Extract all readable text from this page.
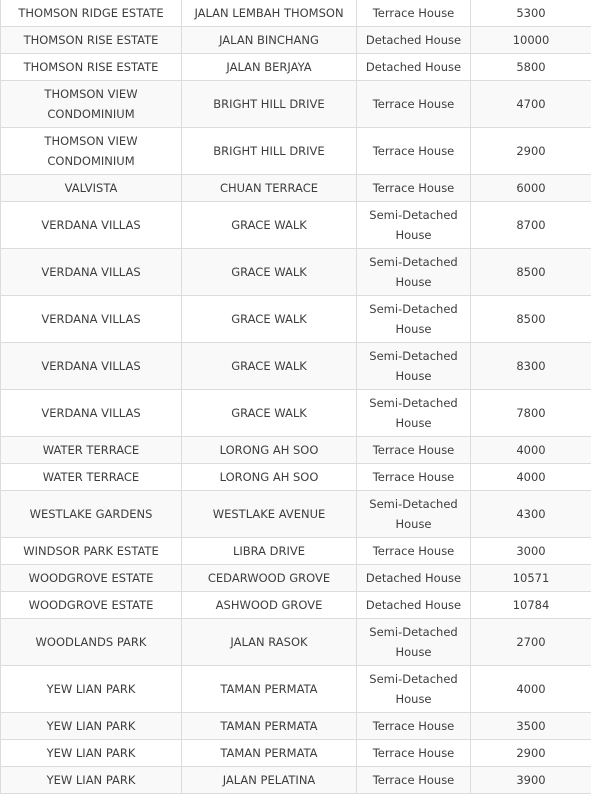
THOMSON RIDGE ESTATE	JALAN LEMBAH THOMSON	Terrace House	5300
THOMSON RISE ESTATE	JALAN BINCHANG	Detached House	10000
THOMSON RISE ESTATE	JALAN BERJAYA	Detached House	5800
THOMSON VIEW CONDOMINIUM	BRIGHT HILL DRIVE	Terrace House	4700
THOMSON VIEW CONDOMINIUM	BRIGHT HILL DRIVE	Terrace House	2900
VALVISTA	CHUAN TERRACE	Terrace House	6000
VERDANA VILLAS	GRACE WALK	Semi-Detached House	8700
VERDANA VILLAS	GRACE WALK	Semi-Detached House	8500
VERDANA VILLAS	GRACE WALK	Semi-Detached House	8500
VERDANA VILLAS	GRACE WALK	Semi-Detached House	8300
VERDANA VILLAS	GRACE WALK	Semi-Detached House	7800
WATER TERRACE	LORONG AH SOO	Terrace House	4000
WATER TERRACE	LORONG AH SOO	Terrace House	4000
WESTLAKE GARDENS	WESTLAKE AVENUE	Semi-Detached House	4300
WINDSOR PARK ESTATE	LIBRA DRIVE	Terrace House	3000
WOODGROVE ESTATE	CEDARWOOD GROVE	Detached House	10571
WOODGROVE ESTATE	ASHWOOD GROVE	Detached House	10784
WOODLANDS PARK	JALAN RASOK	Semi-Detached House	2700
YEW LIAN PARK	TAMAN PERMATA	Semi-Detached House	4000
YEW LIAN PARK	TAMAN PERMATA	Terrace House	3500
YEW LIAN PARK	TAMAN PERMATA	Terrace House	2900
YEW LIAN PARK	JALAN PELATINA	Terrace House	3900
